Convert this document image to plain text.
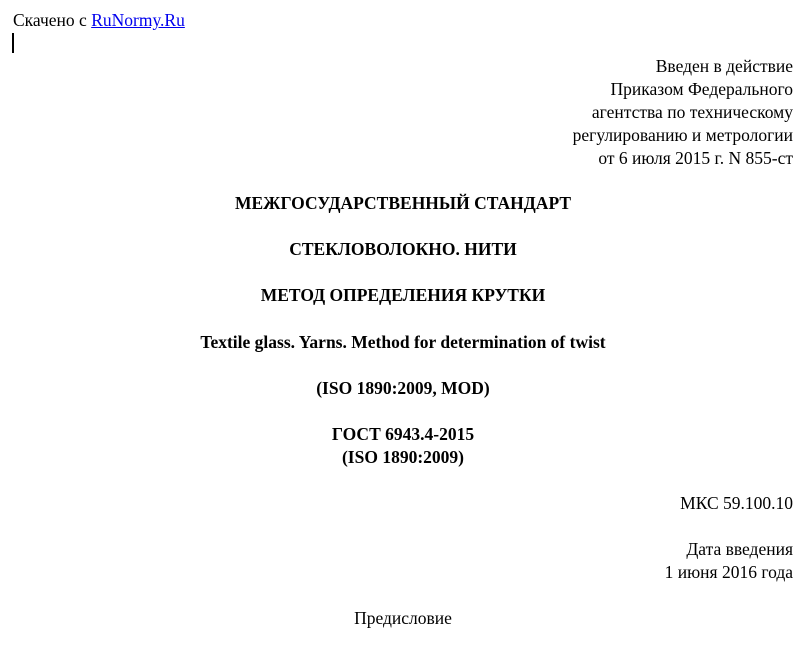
Скачено с RuNormy.Ru
Введен в действие
Приказом Федерального
агентства по техническому
регулированию и метрологии
от 6 июля 2015 г. N 855-ст
МЕЖГОСУДАРСТВЕННЫЙ СТАНДАРТ
СТЕКЛОВОЛОКНО. НИТИ
МЕТОД ОПРЕДЕЛЕНИЯ КРУТКИ
Textile glass. Yarns. Method for determination of twist
(ISO 1890:2009, MOD)
ГОСТ 6943.4-2015
(ISO 1890:2009)
МКС 59.100.10
Дата введения
1 июня 2016 года
Предисловие
